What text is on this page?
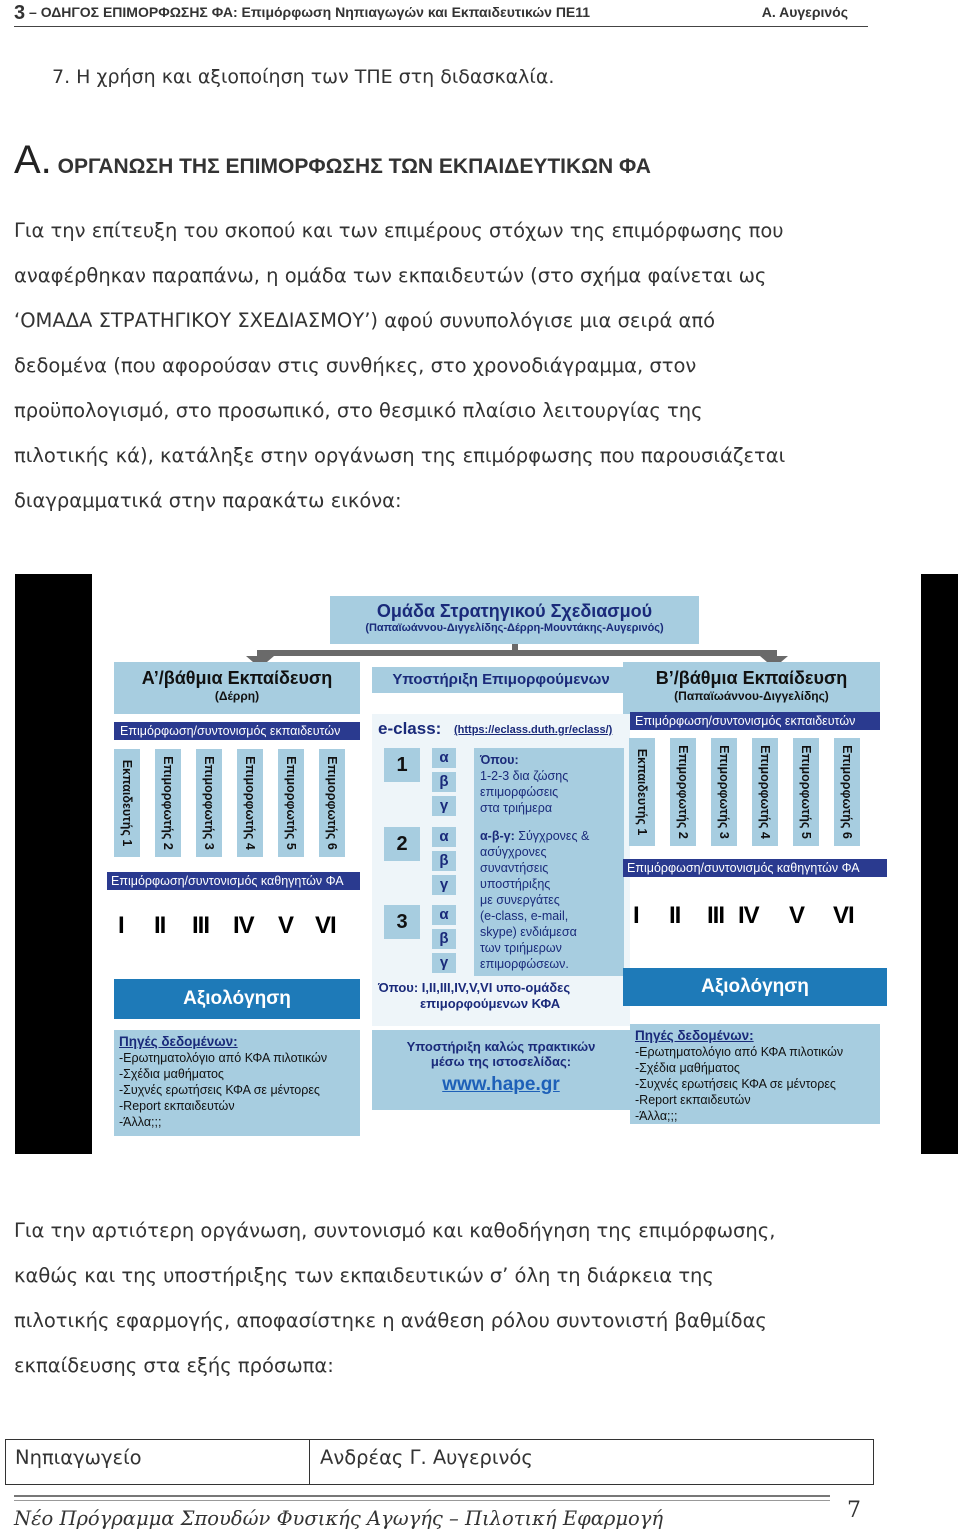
3 – ΟΔΗΓΟΣ ΕΠΙΜΟΡΦΩΣΗΣ ΦΑ: Επιμόρφωση Νηπιαγωγών και Εκπαιδευτικών ΠΕ11	Α. Αυγερινός
7. Η χρήση και αξιοποίηση των ΤΠΕ στη διδασκαλία.
Α. ΟΡΓΑΝΩΣΗ ΤΗΣ ΕΠΙΜΟΡΦΩΣΗΣ ΤΩΝ ΕΚΠΑΙΔΕΥΤΙΚΩΝ ΦΑ
Για την επίτευξη του σκοπού και των επιμέρους στόχων της επιμόρφωσης που
αναφέρθηκαν παραπάνω, η ομάδα των εκπαιδευτών (στο σχήμα φαίνεται ως
‘ΟΜΑΔΑ ΣΤΡΑΤΗΓΙΚΟΥ ΣΧΕΔΙΑΣΜΟΥ’) αφού συνυπολόγισε μια σειρά από
δεδομένα (που αφορούσαν στις συνθήκες, στο χρονοδιάγραμμα, στον
προϋπολογισμό, στο προσωπικό, στο θεσμικό πλαίσιο λειτουργίας της
πιλοτικής κά), κατάληξε στην οργάνωση της επιμόρφωσης που παρουσιάζεται
διαγραμματικά στην παρακάτω εικόνα:
Ομάδα Στρατηγικού Σχεδιασμού
(Παπαϊωάννου-Διγγελίδης-Δέρρη-Μουντάκης-Αυγερινός)
Α’/βάθμια Εκπαίδευση
(Δέρρη)
Επιμόρφωση/συντονισμός εκπαιδευτών
Εκπαιδευτής 1 Επιμορφωτής 2 Επιμορφωτής 3 Επιμορφωτής 4 Επιμορφωτής 5 Επιμορφωτής 6
Επιμόρφωση/συντονισμός καθηγητών ΦΑ
I II III IV V VI
Αξιολόγηση
Πηγές δεδομένων:
-Ερωτηματολόγιο από ΚΦΑ πιλοτικών
-Σχέδια μαθήματος
-Συχνές ερωτήσεις ΚΦΑ σε μέντορες
-Report εκπαιδευτών
-Άλλα;;;
Υποστήριξη Επιμορφούμενων
e-class: (https://eclass.duth.gr/eclass/)
1
2
3
α
β
γ
α
β
γ
α
β
γ
Όπου:
1-2-3 δια ζώσης
επιμορφώσεις
στα τριήμερα
α-β-γ: Σύγχρονες &
ασύγχρονες
συναντήσεις
υποστήριξης
με συνεργάτες
(e-class, e-mail,
skype) ενδιάμεσα
των τριήμερων
επιμορφώσεων.
Όπου: I,II,III,IV,V,VI υπο-ομάδες
επιμορφούμενων ΚΦΑ
Υποστήριξη καλώς πρακτικών
μέσω της ιστοσελίδας:
www.hape.gr
Β’/βάθμια Εκπαίδευση
(Παπαϊωάννου-Διγγελίδης)
Επιμόρφωση/συντονισμός εκπαιδευτών
Εκπαιδευτής 1 Επιμορφωτής 2 Επιμορφωτής 3 Επιμορφωτής 4 Επιμορφωτής 5 Επιμορφωτής 6
Επιμόρφωση/συντονισμός καθηγητών ΦΑ
I II III IV V VI
Αξιολόγηση
Πηγές δεδομένων:
-Ερωτηματολόγιο από ΚΦΑ πιλοτικών
-Σχέδια μαθήματος
-Συχνές ερωτήσεις ΚΦΑ σε μέντορες
-Report εκπαιδευτών
-Άλλα;;;
Για την αρτιότερη οργάνωση, συντονισμό και καθοδήγηση της επιμόρφωσης,
καθώς και της υποστήριξης των εκπαιδευτικών σ’ όλη τη διάρκεια της
πιλοτικής εφαρμογής, αποφασίστηκε η ανάθεση ρόλου συντονιστή βαθμίδας
εκπαίδευσης στα εξής πρόσωπα:
Νηπιαγωγείο	Ανδρέας Γ. Αυγερινός
Νέο Πρόγραμμα Σπουδών Φυσικής Αγωγής – Πιλοτική Εφαρμογή	7
